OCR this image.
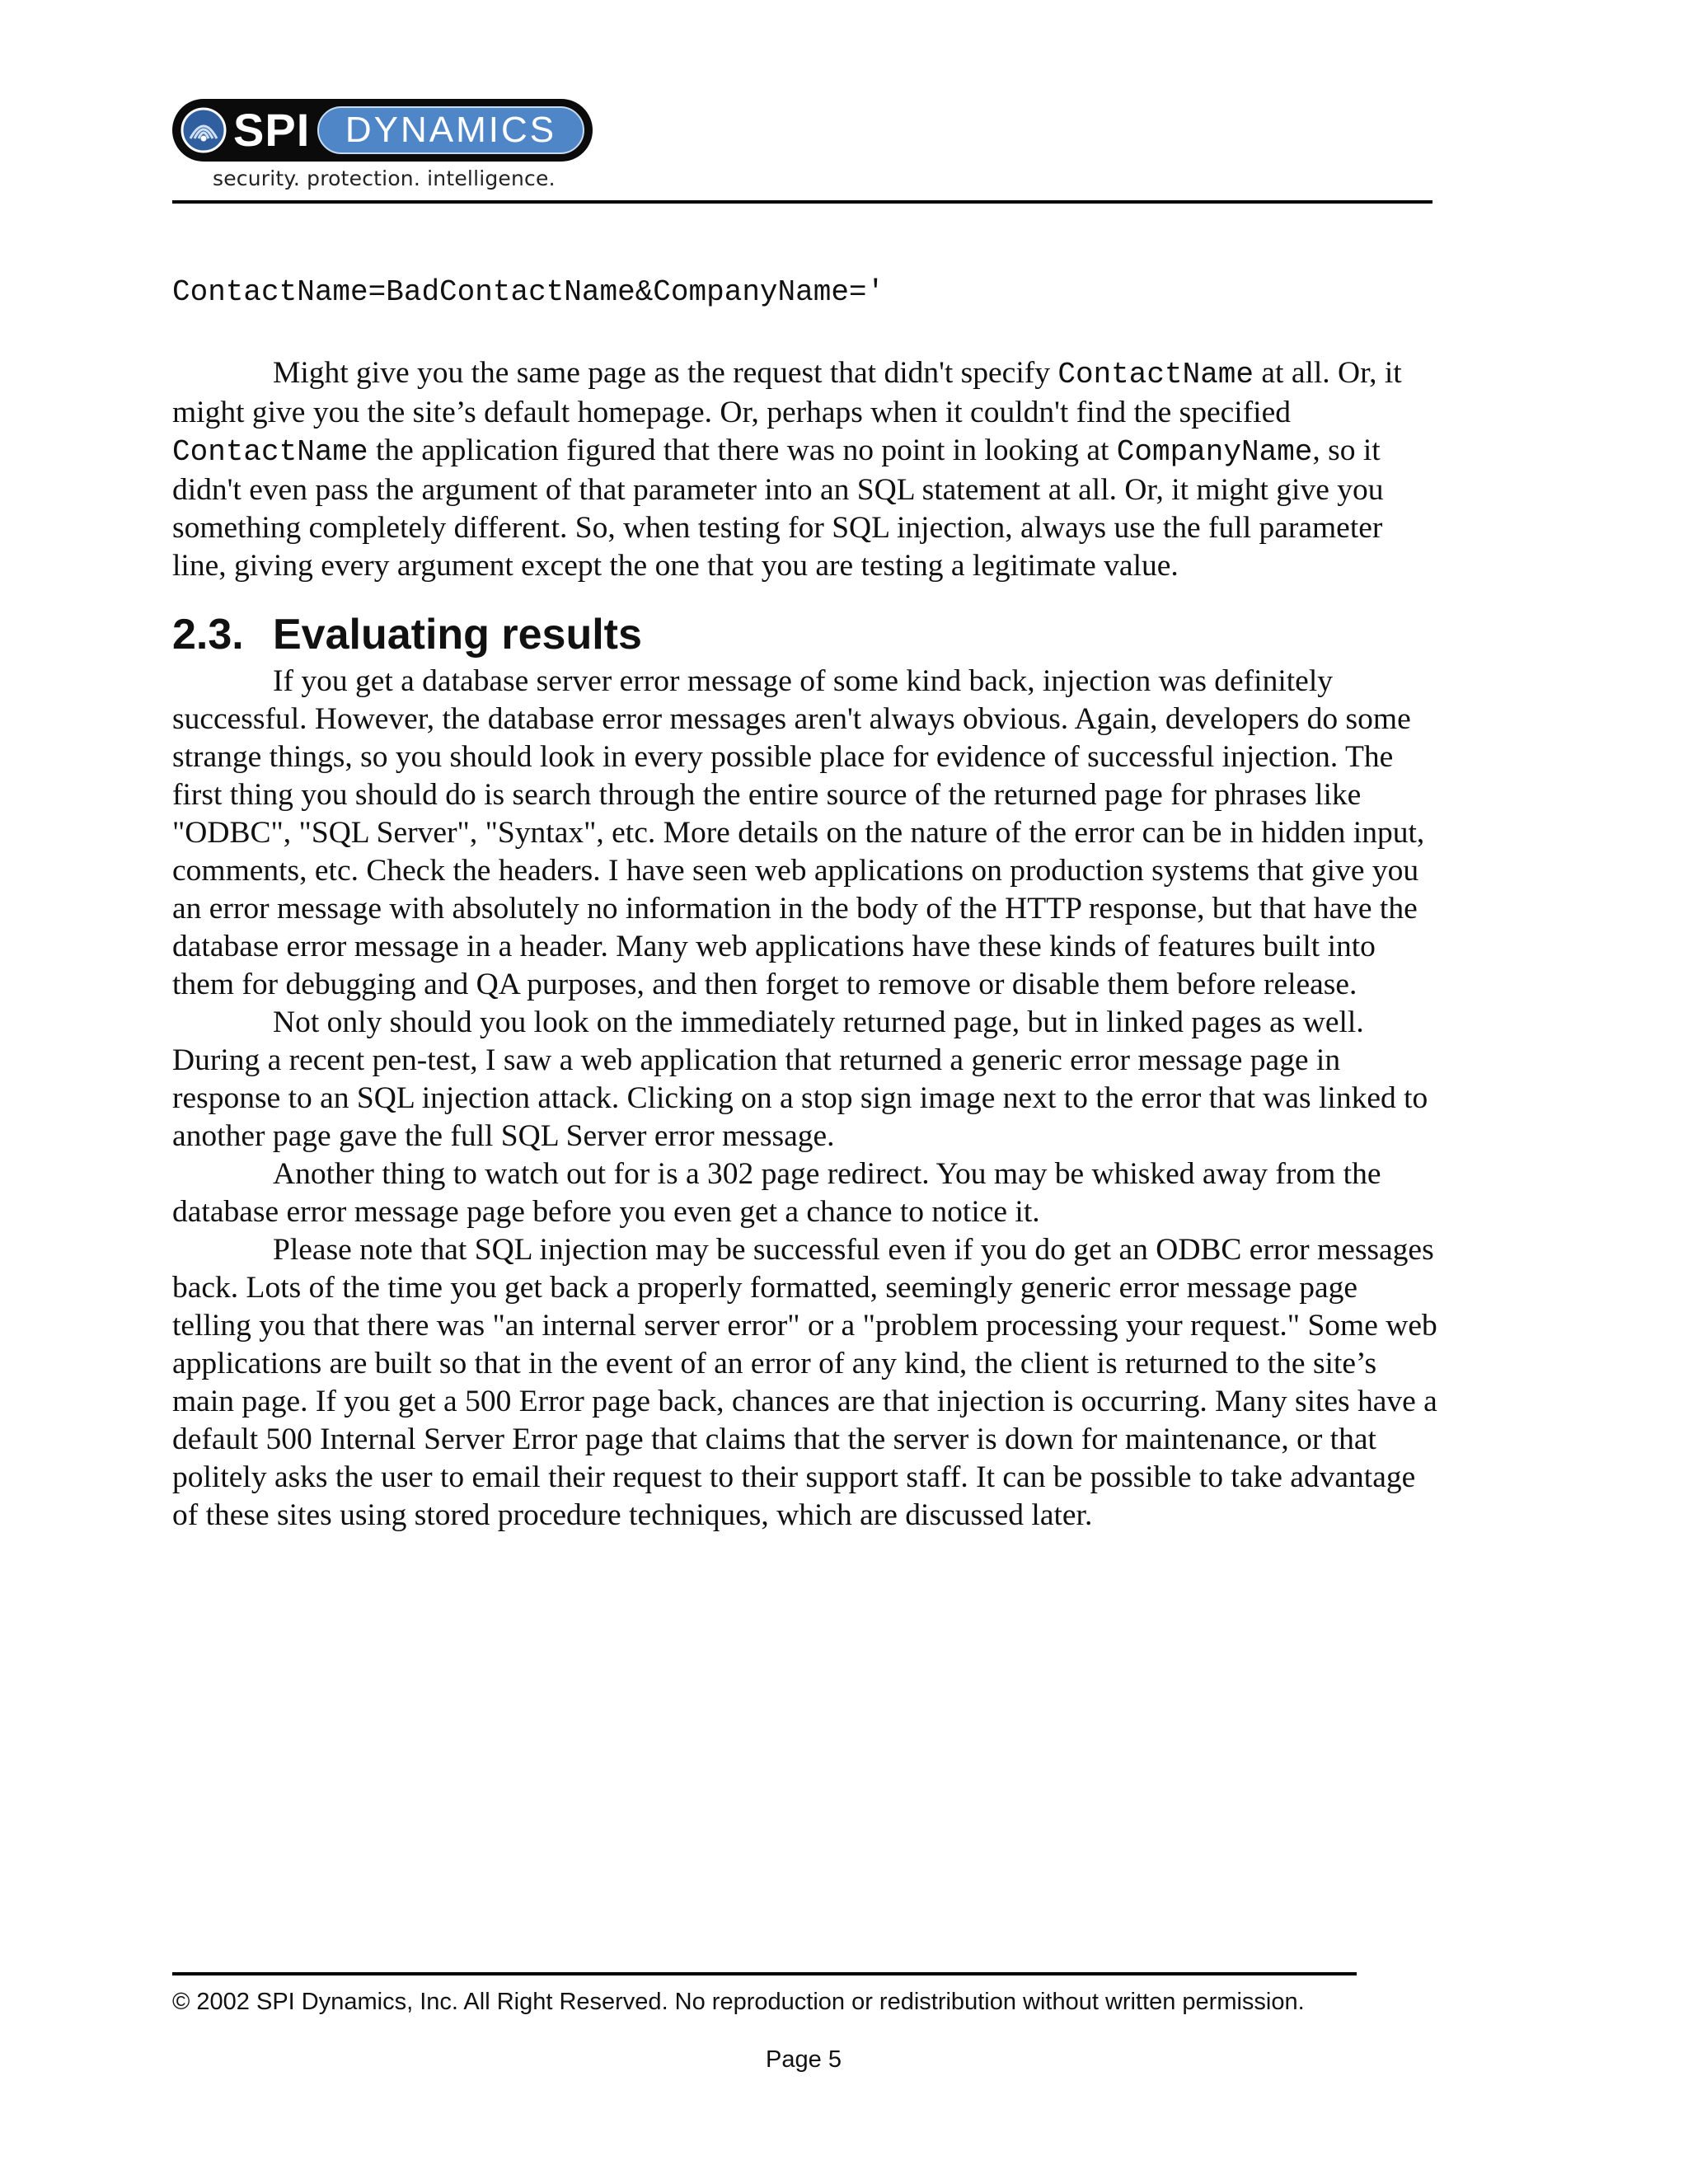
SPI DYNAMICS
security. protection. intelligence.
ContactName=BadContactName&CompanyName='

Might give you the same page as the request that didn't specify ContactName at all. Or, it might give you the site’s default homepage. Or, perhaps when it couldn't find the specified ContactName the application figured that there was no point in looking at CompanyName, so it didn't even pass the argument of that parameter into an SQL statement at all. Or, it might give you something completely different. So, when testing for SQL injection, always use the full parameter line, giving every argument except the one that you are testing a legitimate value.

2.3. Evaluating results

If you get a database server error message of some kind back, injection was definitely successful. However, the database error messages aren't always obvious. Again, developers do some strange things, so you should look in every possible place for evidence of successful injection. The first thing you should do is search through the entire source of the returned page for phrases like "ODBC", "SQL Server", "Syntax", etc. More details on the nature of the error can be in hidden input, comments, etc. Check the headers. I have seen web applications on production systems that give you an error message with absolutely no information in the body of the HTTP response, but that have the database error message in a header. Many web applications have these kinds of features built into them for debugging and QA purposes, and then forget to remove or disable them before release.

Not only should you look on the immediately returned page, but in linked pages as well. During a recent pen-test, I saw a web application that returned a generic error message page in response to an SQL injection attack. Clicking on a stop sign image next to the error that was linked to another page gave the full SQL Server error message.

Another thing to watch out for is a 302 page redirect. You may be whisked away from the database error message page before you even get a chance to notice it.

Please note that SQL injection may be successful even if you do get an ODBC error messages back. Lots of the time you get back a properly formatted, seemingly generic error message page telling you that there was "an internal server error" or a "problem processing your request." Some web applications are built so that in the event of an error of any kind, the client is returned to the site’s main page. If you get a 500 Error page back, chances are that injection is occurring. Many sites have a default 500 Internal Server Error page that claims that the server is down for maintenance, or that politely asks the user to email their request to their support staff. It can be possible to take advantage of these sites using stored procedure techniques, which are discussed later.

© 2002 SPI Dynamics, Inc. All Right Reserved. No reproduction or redistribution without written permission.
Page 5
